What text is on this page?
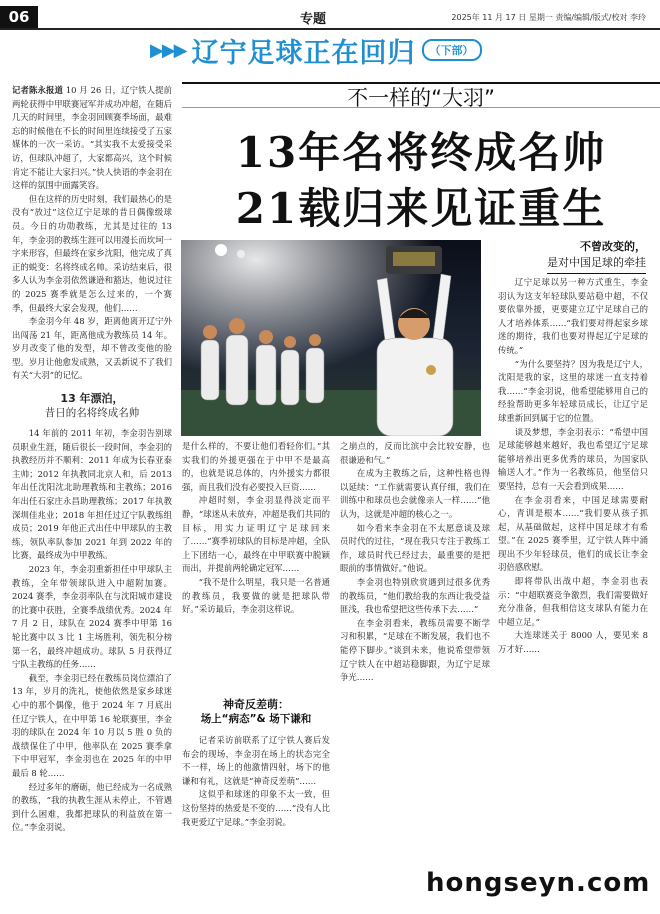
06	专题	2025年 11 月 17 日 星期一 责编/编辑/版式/校对 李玲
▶▶▶ 辽宁足球正在回归	（下部）

记者陈永报道 10 月 26 日，辽宁铁人提前两轮获得中甲联赛冠军并成功冲超，在随后几天的时间里，李金羽回顾赛季场面，最难忘的时候他在不长的时间里连续接受了五家媒体的一次一采访。“其实我不太爱接受采访，但球队冲超了，大家都高兴，这个时候肯定不能让大家扫兴。”快人快语的李金羽在这样的氛围中面露笑容。

但在这样的历史时刻，我们最热心的是没有“放过”这位辽宁足球的昔日偶像级球员。今日的功勋教练，尤其是过往的 13 年，李金羽的教练生涯可以用漫长而坎坷一字来形容，但最终在家乡沈阳，他完成了真正的蜕变：名将终成名帅。采访结束后，很多人认为李金羽依然谦逊和豁达，他说过往的 2025 赛季就是怎么过来的，一个赛季，但最终大家会发现，他们……

李金羽今年 48 岁，距离他离开辽宁外出闯荡 21 年，距离他成为教练员 14 年。岁月改变了他的发型，却不曾改变他的脸型。岁月让他愈发成熟，又丢新说不了我们有关“大羽”的记忆。

13 年漂泊，
昔日的名将终成名帅

14 年前的 2011 年初，李金羽告别球员职业生涯，随后很长一段时间，李金羽的执教经历并不顺利：2011 年成为长春亚泰主帅；2012 年执教同北京人和，后 2013 年出任沈阳沈北助理教练和主教练；2016 年出任石家庄永昌助理教练；2017 年执教深圳佳兆业；2018 年担任过辽宁队教练组成员；2019 年他正式出任中甲球队的主教练，领队率队参加 2021 年到 2022 年的比赛，最终成为中甲教练。

2023 年，李金羽重新担任中甲球队主教练，全年带领球队进入中超附加赛。2024 赛季，李金羽率队在与沈阳城市建设的比赛中获胜，全赛季战绩优秀。2024 年 7 月 2 日，球队在 2024 赛季中甲第 16 轮比赛中以 3 比 1 主场胜利，领先积分榜第一名，最终冲超成功。球队 5 月获得辽宁队主教练的任务……

截至，李金羽已经在教练员岗位漂泊了 13 年，岁月的洗礼，使他依然是家乡球迷心中的那个偶像，他于 2024 年 7 月底出任辽宁铁人，在中甲第 16 轮联赛里，李金羽的球队在 2024 年 10 月以 5 胜 0 负的战绩保住了中甲，他率队在 2025 赛季拿下中甲冠军，李金羽也在 2025 年的中甲最后 8 轮……

经过多年的磨砺，他已经成为一名成熟的教练，“我的执教生涯从未停止，不管遇到什么困难，我都把球队的利益放在第一位。”李金羽说。

不一样的“大羽”
13年名将终成名帅
21载归来见证重生
不曾改变的，
是对中国足球的牵挂

是什么样的，不要让他们看轻你们。”其实我们的外援更强在于中甲不是最高的，也就是说总体的，内外援实力都很强，而且我们没有必要投入巨资……

冲超时刻，李金羽显得淡定而平静，“球迷从未放弃，冲超是我们共同的目标，用实力证明辽宁足球回来了……”赛季初球队的目标是冲超，全队上下团结一心，最终在中甲联赛中脱颖而出，并提前两轮确定冠军……

“我不是什么明星，我只是一名普通的教练员，我要做的就是把球队带好。”采访最后，李金羽这样说。

神奇反差萌：
场上“病态”& 场下谦和

记者采访前联系了辽宁铁人赛后发布会的现场，李金羽在场上的状态完全不一样，场上的他激情四射，场下的他谦和有礼，这就是“神奇反差萌”……

这似乎和球迷的印象不太一致，但这份坚持的热爱是不变的……“没有人比我更爱辽宁足球。”李金羽说。

之崩点的，反而比滨中会比较安静，也很谦逊和气。”

在成为主教练之后，这种性格也得以延续：“工作就需要认真仔细，我们在训练中和球员也会就像亲人一样……”他认为，这就是冲超的核心之一。

如今看来李金羽在不太愿意谈及球员时代的过往，“现在我只专注于教练工作，球员时代已经过去，最重要的是把眼前的事情做好。”他说。

李金羽也特别欣赏遇到过很多优秀的教练员，“他们教给我的东西让我受益匪浅，我也希望把这些传承下去……”

在李金羽看来，教练员需要不断学习和积累，“足球在不断发展，我们也不能停下脚步。”谈到未来，他说希望带领辽宁铁人在中超站稳脚跟，为辽宁足球争光……

辽宁足球以另一种方式重生，李金羽认为这支年轻球队要站稳中超，不仅要依靠外援，更要建立辽宁足球自己的人才培养体系……“我们要对得起家乡球迷的期待，我们也要对得起辽宁足球的传统。”

“为什么要坚持？因为我是辽宁人，沈阳是我的家，这里的球迷一直支持着我……”李金羽说，他希望能够用自己的经验帮助更多年轻球员成长，让辽宁足球重新回到属于它的位置。

谈及梦想，李金羽表示：“希望中国足球能够越来越好，我也希望辽宁足球能够培养出更多优秀的球员，为国家队输送人才。”作为一名教练员，他坚信只要坚持，总有一天会看到成果……

在李金羽看来，中国足球需要耐心，青训是根本……“我们要从孩子抓起，从基础做起，这样中国足球才有希望。”在 2025 赛季里，辽宁铁人阵中涌现出不少年轻球员，他们的成长让李金羽倍感欣慰。

即将带队出战中超，李金羽也表示：“中超联赛竞争激烈，我们需要做好充分准备，但我相信这支球队有能力在中超立足。”

大连球迷关于 8000 人，要见来 8 万才好……

hongseyn.com
